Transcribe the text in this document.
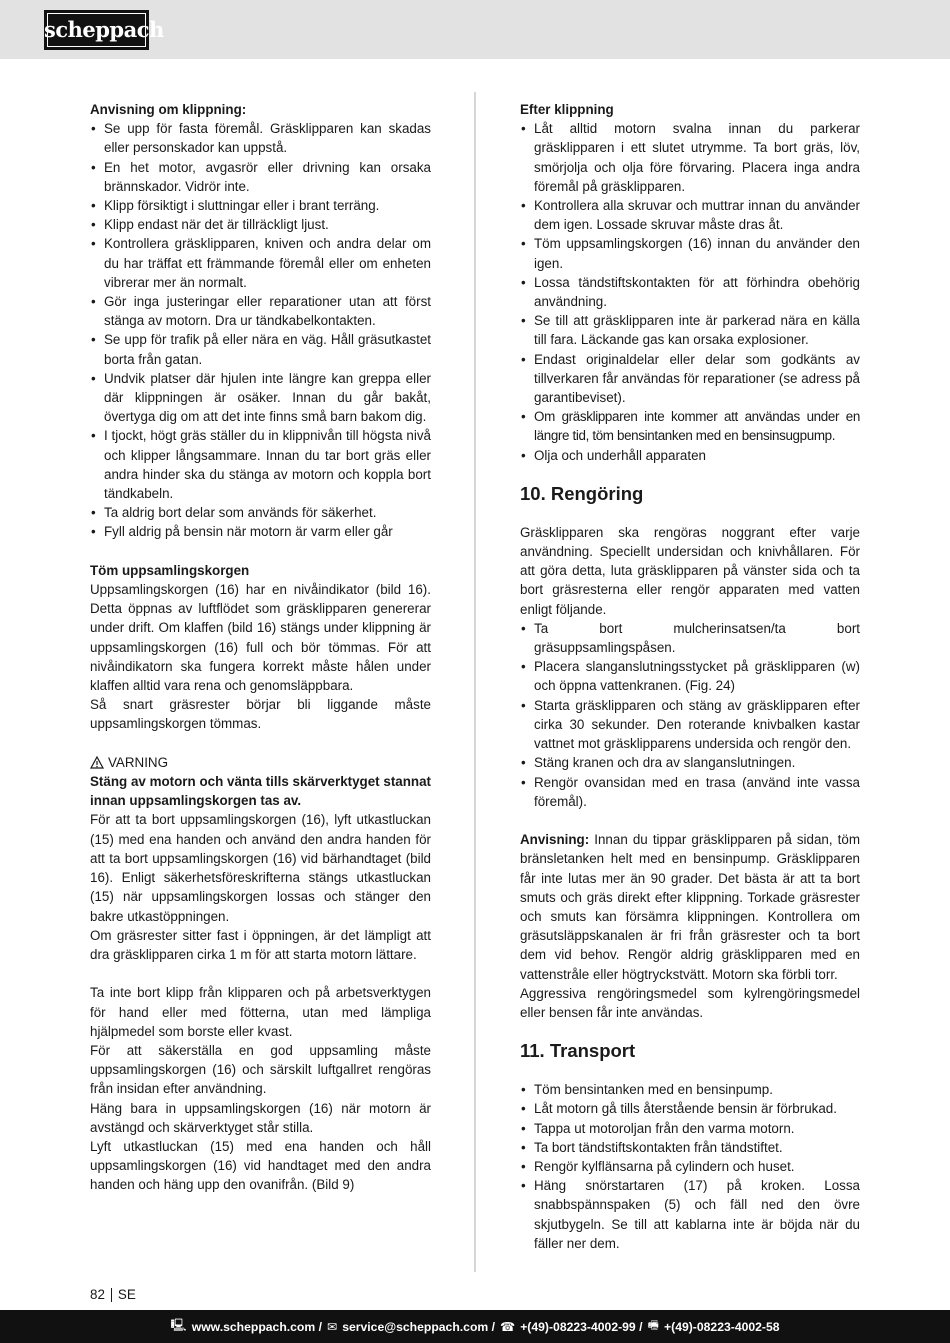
scheppach

Anvisning om klippning:

• Se upp för fasta föremål. Gräsklipparen kan skadas eller personskador kan uppstå.
• En het motor, avgasrör eller drivning kan orsaka brännskador. Vidrör inte.
• Klipp försiktigt i sluttningar eller i brant terräng.
• Klipp endast när det är tillräckligt ljust.
• Kontrollera gräsklipparen, kniven och andra delar om du har träffat ett främmande föremål eller om enheten vibrerar mer än normalt.
• Gör inga justeringar eller reparationer utan att först stänga av motorn. Dra ur tändkabelkontakten.
• Se upp för trafik på eller nära en väg. Håll gräsutkastet borta från gatan.
• Undvik platser där hjulen inte längre kan greppa eller där klippningen är osäker. Innan du går bakåt, övertyga dig om att det inte finns små barn bakom dig.
• I tjockt, högt gräs ställer du in klippnivån till högsta nivå och klipper långsammare. Innan du tar bort gräs eller andra hinder ska du stänga av motorn och koppla bort tändkabeln.
• Ta aldrig bort delar som används för säkerhet.
• Fyll aldrig på bensin när motorn är varm eller går

Töm uppsamlingskorgen

Uppsamlingskorgen (16) har en nivåindikator (bild 16). Detta öppnas av luftflödet som gräsklipparen genererar under drift. Om klaffen (bild 16) stängs under klippning är uppsamlingskorgen (16) full och bör tömmas. För att nivåindikatorn ska fungera korrekt måste hålen under klaffen alltid vara rena och genomsläppbara.

Så snart gräsrester börjar bli liggande måste uppsamlingskorgen tömmas.

VARNING

Stäng av motorn och vänta tills skärverktyget stannat innan uppsamlingskorgen tas av.

För att ta bort uppsamlingskorgen (16), lyft utkastluckan (15) med ena handen och använd den andra handen för att ta bort uppsamlingskorgen (16) vid bärhandtaget (bild 16). Enligt säkerhetsföreskrifterna stängs utkastluckan (15) när uppsamlingskorgen lossas och stänger den bakre utkastöppningen.

Om gräsrester sitter fast i öppningen, är det lämpligt att dra gräsklipparen cirka 1 m för att starta motorn lättare.

Ta inte bort klipp från klipparen och på arbetsverktygen för hand eller med fötterna, utan med lämpliga hjälpmedel som borste eller kvast.

För att säkerställa en god uppsamling måste uppsamlingskorgen (16) och särskilt luftgallret rengöras från insidan efter användning.

Häng bara in uppsamlingskorgen (16) när motorn är avstängd och skärverktyget står stilla.

Lyft utkastluckan (15) med ena handen och håll uppsamlingskorgen (16) vid handtaget med den andra handen och häng upp den ovanifrån. (Bild 9)

Efter klippning

• Låt alltid motorn svalna innan du parkerar gräsklipparen i ett slutet utrymme. Ta bort gräs, löv, smörjolja och olja före förvaring. Placera inga andra föremål på gräsklipparen.
• Kontrollera alla skruvar och muttrar innan du använder dem igen. Lossade skruvar måste dras åt.
• Töm uppsamlingskorgen (16) innan du använder den igen.
• Lossa tändstiftskontakten för att förhindra obehörig användning.
• Se till att gräsklipparen inte är parkerad nära en källa till fara. Läckande gas kan orsaka explosioner.
• Endast originaldelar eller delar som godkänts av tillverkaren får användas för reparationer (se adress på garantibeviset).
• Om gräsklipparen inte kommer att användas under en längre tid, töm bensintanken med en bensinsugpump.
• Olja och underhåll apparaten
10. Rengöring

Gräsklipparen ska rengöras noggrant efter varje användning. Speciellt undersidan och knivhållaren. För att göra detta, luta gräsklipparen på vänster sida och ta bort gräsresterna eller rengör apparaten med vatten enligt följande.

• Ta bort mulcherinsatsen/ta bort gräsuppsamlingspåsen.
• Placera slanganslutningsstycket på gräsklipparen (w) och öppna vattenkranen. (Fig. 24)
• Starta gräsklipparen och stäng av gräsklipparen efter cirka 30 sekunder. Den roterande knivbalken kastar vattnet mot gräsklipparens undersida och rengör den.
• Stäng kranen och dra av slanganslutningen.
• Rengör ovansidan med en trasa (använd inte vassa föremål).

Anvisning: Innan du tippar gräsklipparen på sidan, töm bränsletanken helt med en bensinpump. Gräsklipparen får inte lutas mer än 90 grader. Det bästa är att ta bort smuts och gräs direkt efter klippning. Torkade gräsrester och smuts kan försämra klippningen. Kontrollera om gräsutsläppskanalen är fri från gräsrester och ta bort dem vid behov. Rengör aldrig gräsklipparen med en vattenstråle eller högtryckstvätt. Motorn ska förbli torr.

Aggressiva rengöringsmedel som kylrengöringsmedel eller bensen får inte användas.

11. Transport
• Töm bensintanken med en bensinpump.
• Låt motorn gå tills återstående bensin är förbrukad.
• Tappa ut motoroljan från den varma motorn.
• Ta bort tändstiftskontakten från tändstiftet.
• Rengör kylflänsarna på cylindern och huset.
• Häng snörstartaren (17) på kroken. Lossa snabbspännspaken (5) och fäll ned den övre skjutbygeln. Se till att kablarna inte är böjda när du fäller ner dem.
82 SE
🖳 www.scheppach.com / ✉ service@scheppach.com / ☎ +(49)-08223-4002-99 / 🖷 +(49)-08223-4002-58
